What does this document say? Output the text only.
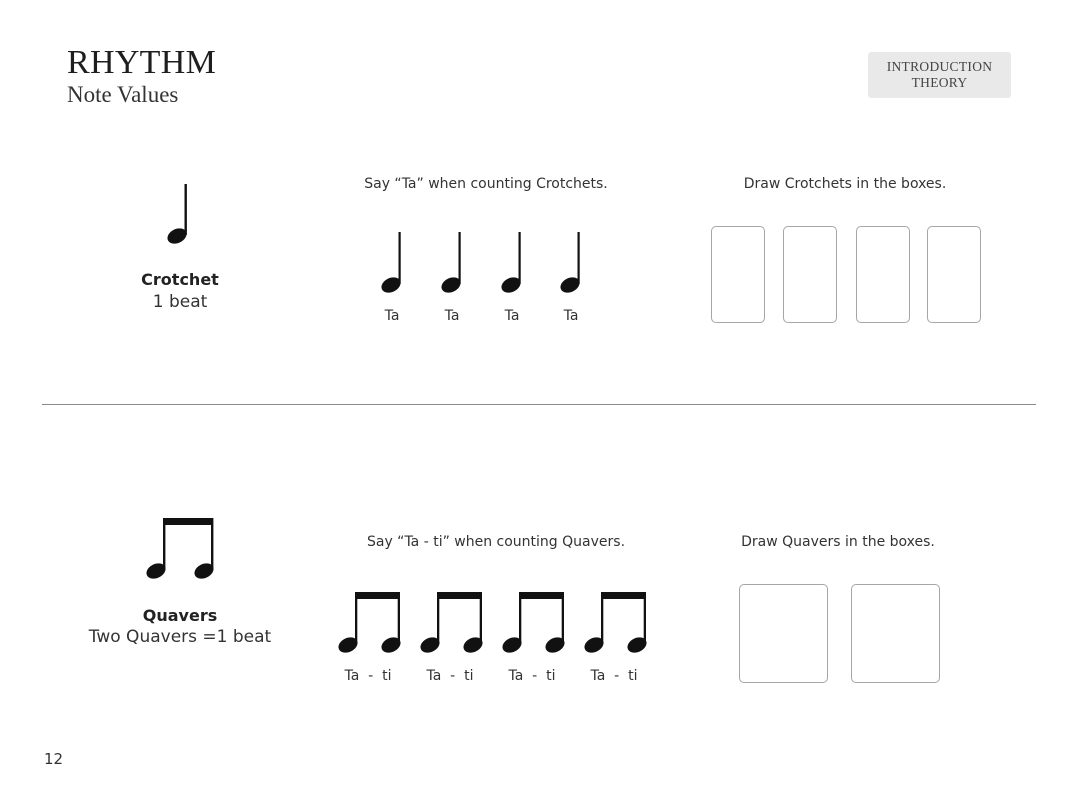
RHYTHM
Note Values
INTRODUCTION
THEORY
Crotchet
1 beat
Say “Ta” when counting Crotchets.
Ta	Ta	Ta	Ta
Draw Crotchets in the boxes.
Quavers
Two Quavers =1 beat
Say “Ta - ti” when counting Quavers.
Ta  -  ti	Ta  -  ti	Ta  -  ti	Ta  -  ti
Draw Quavers in the boxes.
12
